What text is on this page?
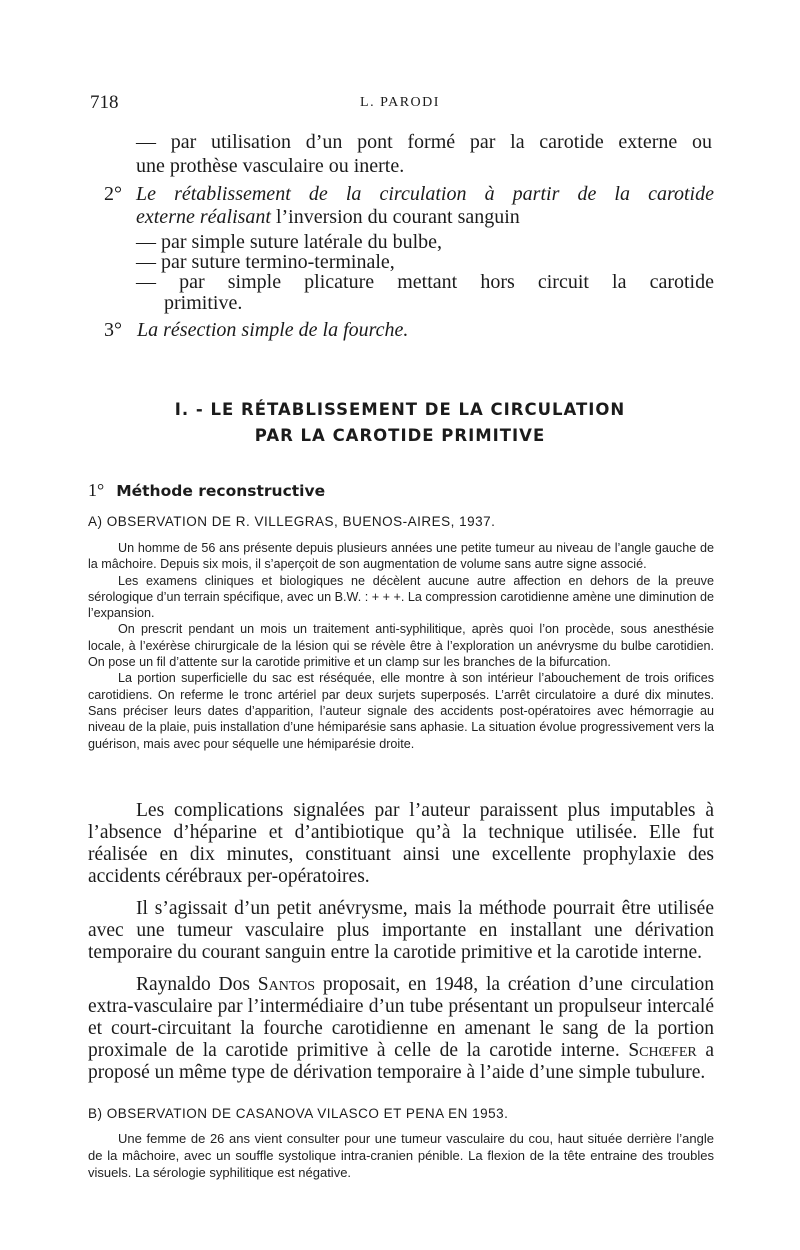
718	L. PARODI
— par utilisation d’un pont formé par la carotide externe ou
une prothèse vasculaire ou inerte.
2° Le rétablissement de la circulation à partir de la carotide
externe réalisant l’inversion du courant sanguin
— par simple suture latérale du bulbe,
— par suture termino-terminale,
— par simple plicature mettant hors circuit la carotide
primitive.
3° La résection simple de la fourche.
I. - LE RÉTABLISSEMENT DE LA CIRCULATION
PAR LA CAROTIDE PRIMITIVE
1° Méthode reconstructive
A) OBSERVATION DE R. VILLEGRAS, BUENOS-AIRES, 1937.

Un homme de 56 ans présente depuis plusieurs années une petite tumeur au niveau de l’angle gauche de la mâchoire. Depuis six mois, il s’aperçoit de son augmentation de volume sans autre signe associé.

Les examens cliniques et biologiques ne décèlent aucune autre affection en dehors de la preuve sérologique d’un terrain spécifique, avec un B.W. : + + +. La compression carotidienne amène une diminution de l’expansion.

On prescrit pendant un mois un traitement anti-syphilitique, après quoi l’on procède, sous anesthésie locale, à l’exérèse chirurgicale de la lésion qui se révèle être à l’exploration un anévrysme du bulbe carotidien. On pose un fil d’attente sur la carotide primitive et un clamp sur les branches de la bifurcation.

La portion superficielle du sac est réséquée, elle montre à son intérieur l’abouchement de trois orifices carotidiens. On referme le tronc artériel par deux surjets superposés. L’arrêt circulatoire a duré dix minutes. Sans préciser leurs dates d’apparition, l’auteur signale des accidents post-opératoires avec hémorragie au niveau de la plaie, puis installation d’une hémiparésie sans aphasie. La situation évolue progressivement vers la guérison, mais avec pour séquelle une hémiparésie droite.

Les complications signalées par l’auteur paraissent plus imputables à l’absence d’héparine et d’antibiotique qu’à la technique utilisée. Elle fut réalisée en dix minutes, constituant ainsi une excellente prophylaxie des accidents cérébraux per-opératoires.

Il s’agissait d’un petit anévrysme, mais la méthode pourrait être utilisée avec une tumeur vasculaire plus importante en installant une dérivation temporaire du courant sanguin entre la carotide primitive et la carotide interne.

Raynaldo Dos Santos proposait, en 1948, la création d’une circulation extra-vasculaire par l’intermédiaire d’un tube présentant un propulseur intercalé et court-circuitant la fourche carotidienne en amenant le sang de la portion proximale de la carotide primitive à celle de la carotide interne. Schœfer a proposé un même type de dérivation temporaire à l’aide d’une simple tubulure.

B) OBSERVATION DE CASANOVA VILASCO ET PENA EN 1953.

Une femme de 26 ans vient consulter pour une tumeur vasculaire du cou, haut située derrière l’angle de la mâchoire, avec un souffle systolique intra-cranien pénible. La flexion de la tête entraine des troubles visuels. La sérologie syphilitique est négative.
